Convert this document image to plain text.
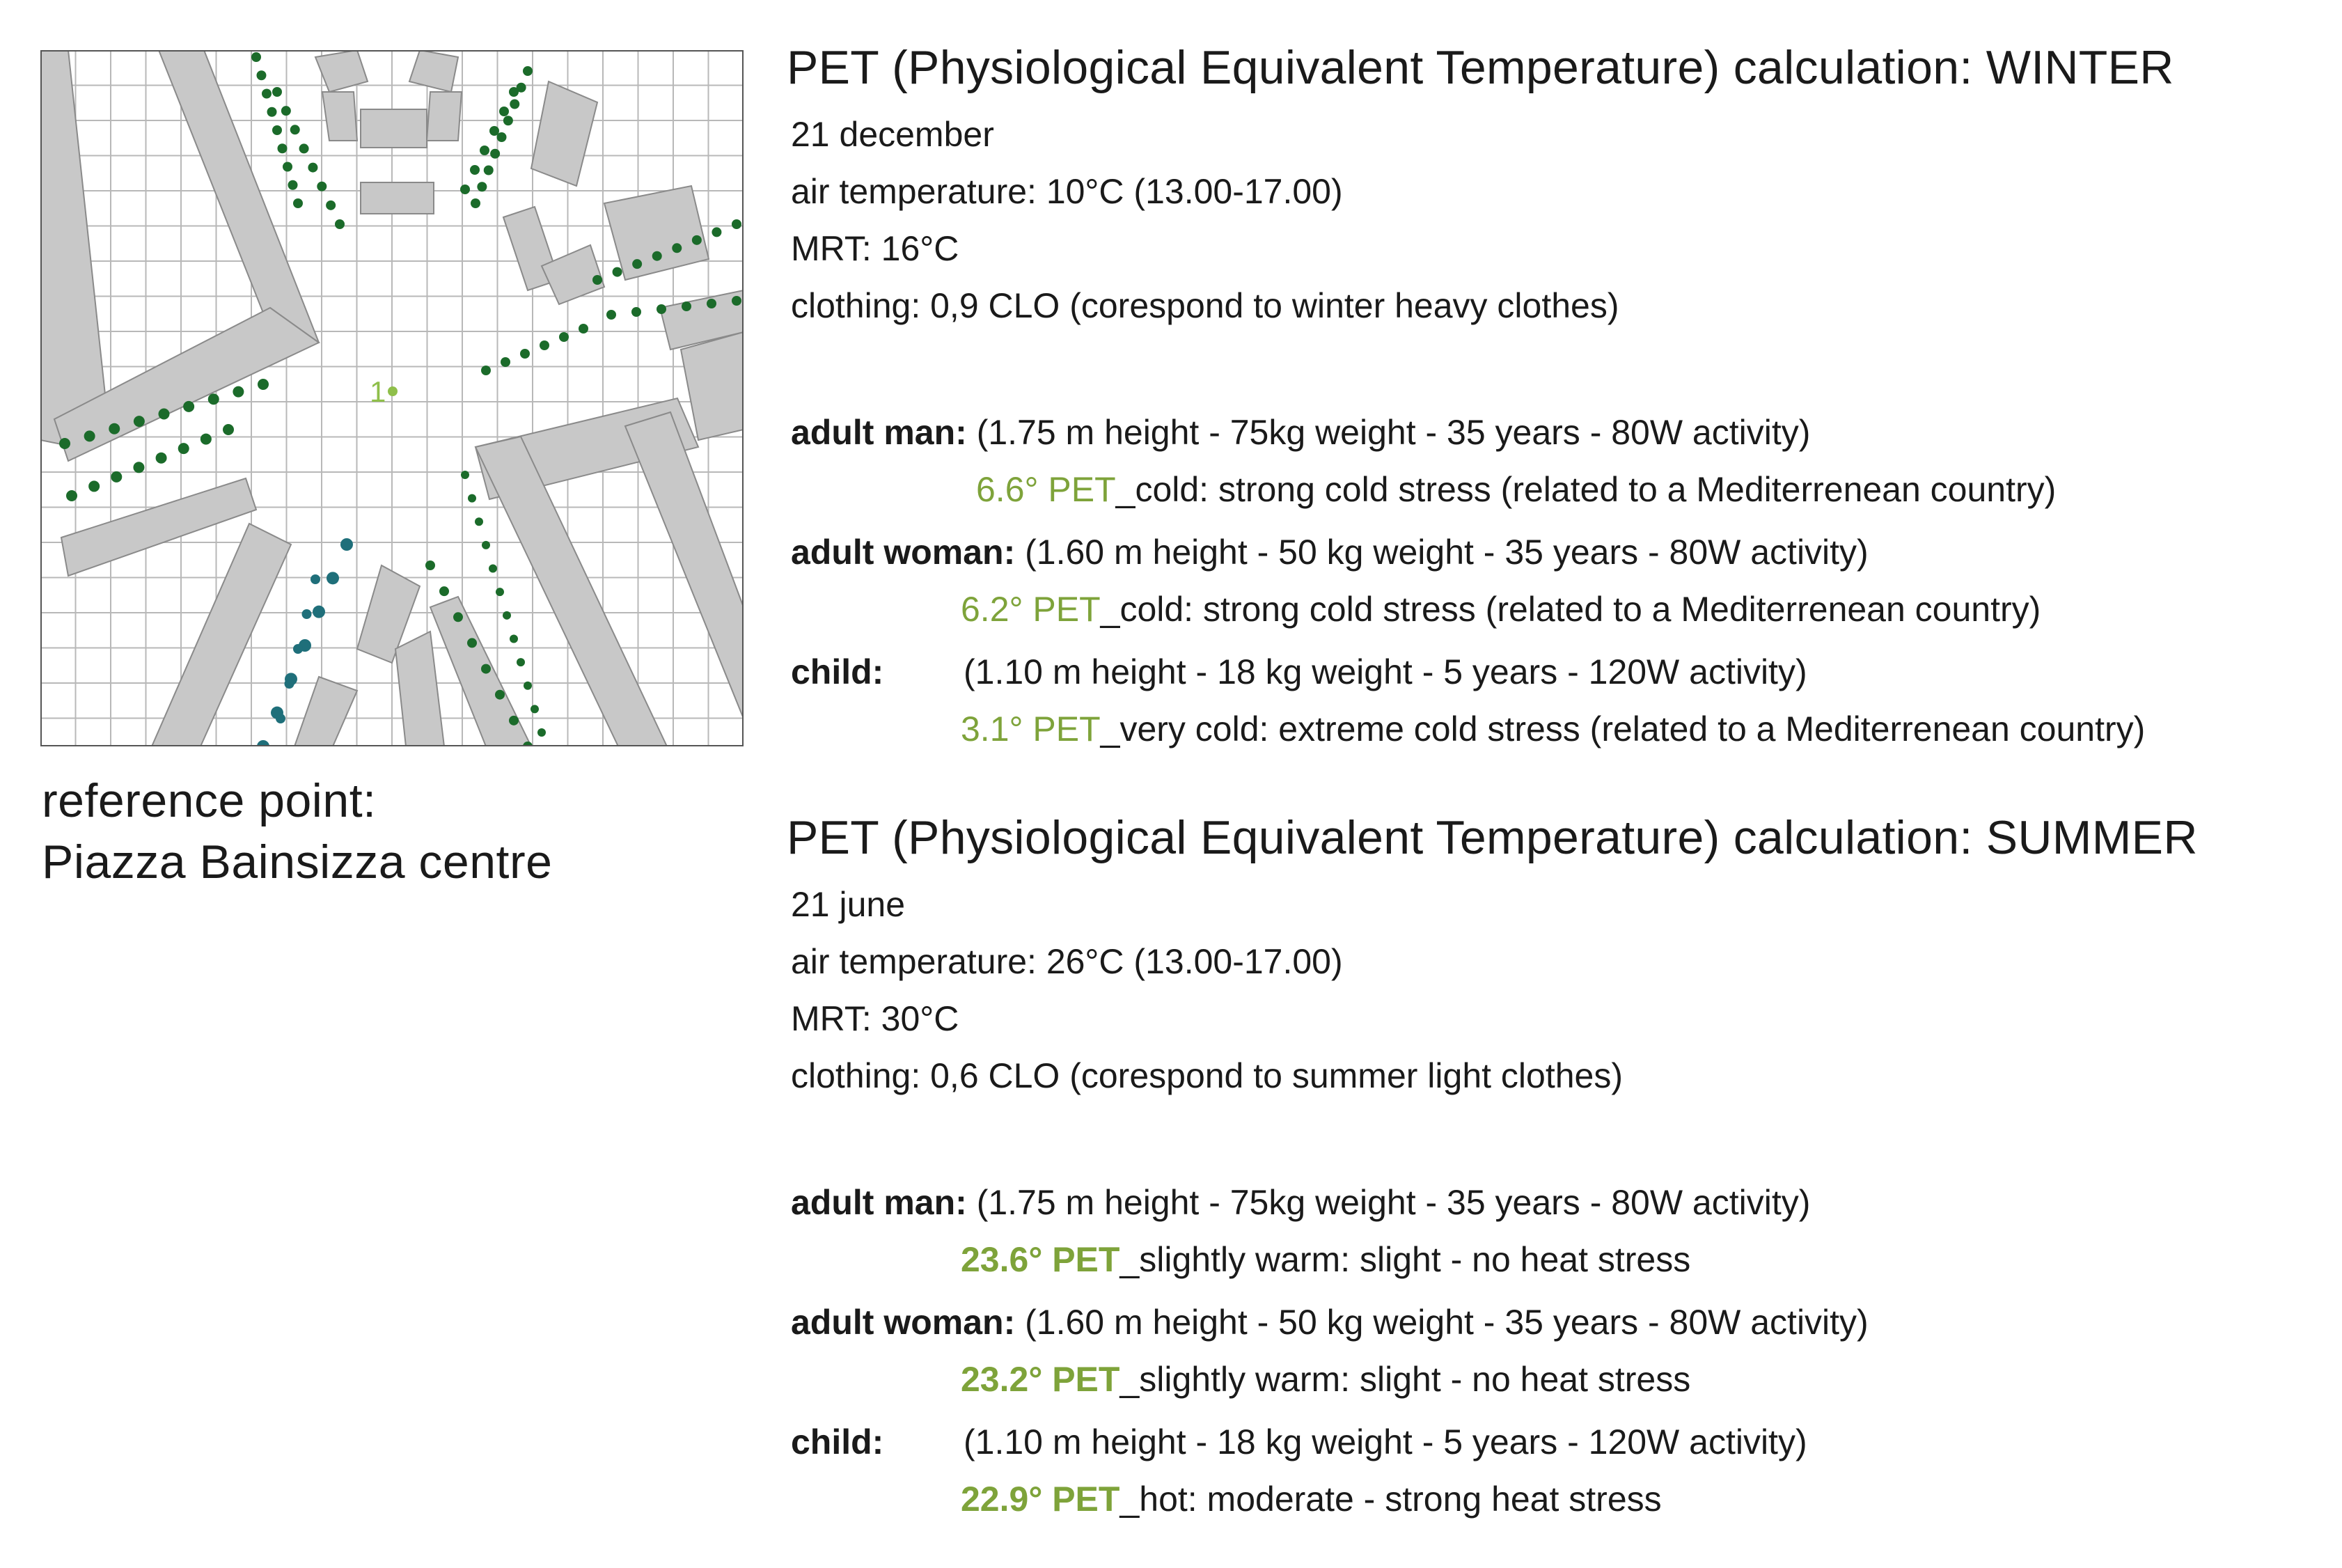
1
reference point:
Piazza Bainsizza centre
PET (Physiological Equivalent Temperature) calculation: WINTER
21 december
air temperature: 10°C (13.00-17.00)
MRT: 16°C
clothing: 0,9 CLO (corespond to winter heavy clothes)
adult man: (1.75 m height - 75kg weight - 35 years - 80W activity)
6.6° PET_cold: strong cold stress (related to a Mediterrenean country)
adult woman: (1.60 m height - 50 kg weight - 35 years - 80W activity)
6.2° PET_cold: strong cold stress (related to a Mediterrenean country)
child: (1.10 m height - 18 kg weight - 5 years - 120W activity)
3.1° PET_very cold: extreme cold stress (related to a Mediterrenean country)
PET (Physiological Equivalent Temperature) calculation: SUMMER
21 june
air temperature: 26°C (13.00-17.00)
MRT: 30°C
clothing: 0,6 CLO (corespond to summer light clothes)
adult man: (1.75 m height - 75kg weight - 35 years - 80W activity)
23.6° PET_slightly warm: slight - no heat stress
adult woman: (1.60 m height - 50 kg weight - 35 years - 80W activity)
23.2° PET_slightly warm: slight - no heat stress
child: (1.10 m height - 18 kg weight - 5 years - 120W activity)
22.9° PET_hot: moderate - strong heat stress
